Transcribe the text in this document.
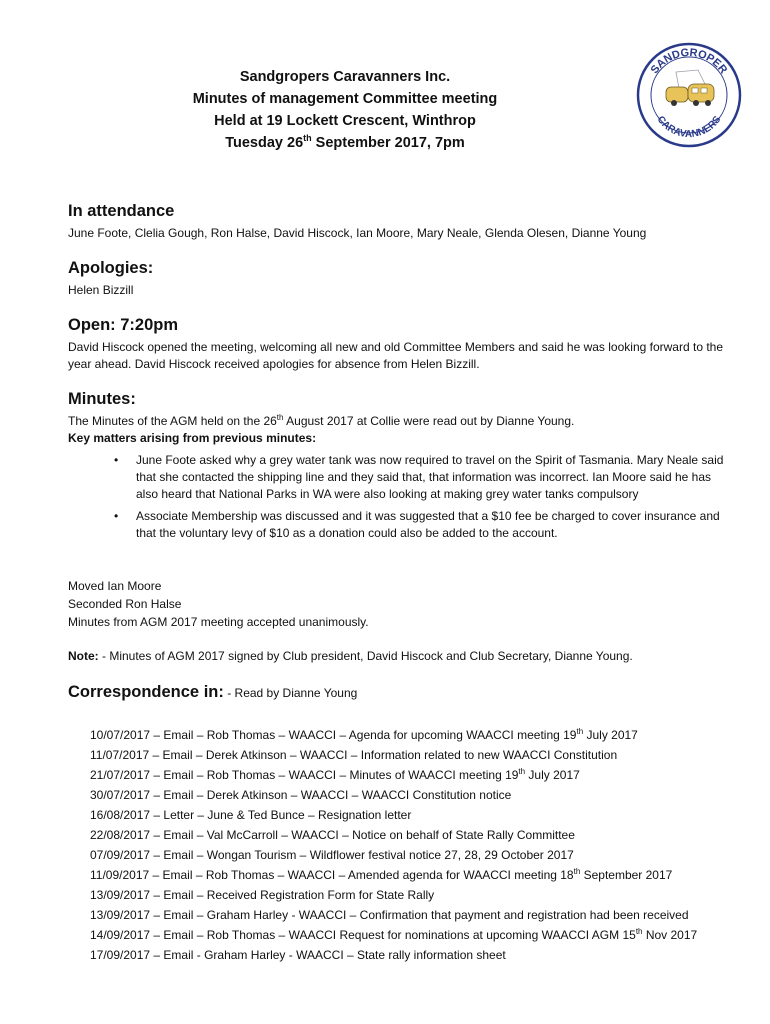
Sandgropers Caravanners Inc.
Minutes of management Committee meeting
Held at 19 Lockett Crescent, Winthrop
Tuesday 26th September 2017, 7pm
SANDGROPER
CARAVANNERS
In attendance

June Foote, Clelia Gough, Ron Halse, David Hiscock, Ian Moore, Mary Neale, Glenda Olesen, Dianne Young

Apologies:

Helen Bizzill

Open: 7:20pm

David Hiscock opened the meeting, welcoming all new and old Committee Members and said he was looking forward to the year ahead. David Hiscock received apologies for absence from Helen Bizzill.

Minutes:

The Minutes of the AGM held on the 26th August 2017 at Collie were read out by Dianne Young.

Key matters arising from previous minutes:

• June Foote asked why a grey water tank was now required to travel on the Spirit of Tasmania. Mary Neale said that she contacted the shipping line and they said that, that information was incorrect. Ian Moore said he has also heard that National Parks in WA were also looking at making grey water tanks compulsory
• Associate Membership was discussed and it was suggested that a $10 fee be charged to cover insurance and that the voluntary levy of $10 as a donation could also be added to the account.

Moved Ian Moore

Seconded Ron Halse

Minutes from AGM 2017 meeting accepted unanimously.

Note: - Minutes of AGM 2017 signed by Club president, David Hiscock and Club Secretary, Dianne Young.

Correspondence in: - Read by Dianne Young
10/07/2017 – Email – Rob Thomas – WAACCI – Agenda for upcoming WAACCI meeting 19th July 2017
11/07/2017 – Email – Derek Atkinson – WAACCI – Information related to new WAACCI Constitution
21/07/2017 – Email – Rob Thomas – WAACCI – Minutes of WAACCI meeting 19th July 2017
30/07/2017 – Email – Derek Atkinson – WAACCI – WAACCI Constitution notice
16/08/2017 – Letter – June & Ted Bunce – Resignation letter
22/08/2017 – Email – Val McCarroll – WAACCI – Notice on behalf of State Rally Committee
07/09/2017 – Email – Wongan Tourism – Wildflower festival notice 27, 28, 29 October 2017
11/09/2017 – Email – Rob Thomas – WAACCI – Amended agenda for WAACCI meeting 18th September 2017
13/09/2017 – Email – Received Registration Form for State Rally
13/09/2017 – Email – Graham Harley - WAACCI – Confirmation that payment and registration had been received
14/09/2017 – Email – Rob Thomas – WAACCI Request for nominations at upcoming WAACCI AGM 15th Nov 2017
17/09/2017 – Email - Graham Harley - WAACCI – State rally information sheet
